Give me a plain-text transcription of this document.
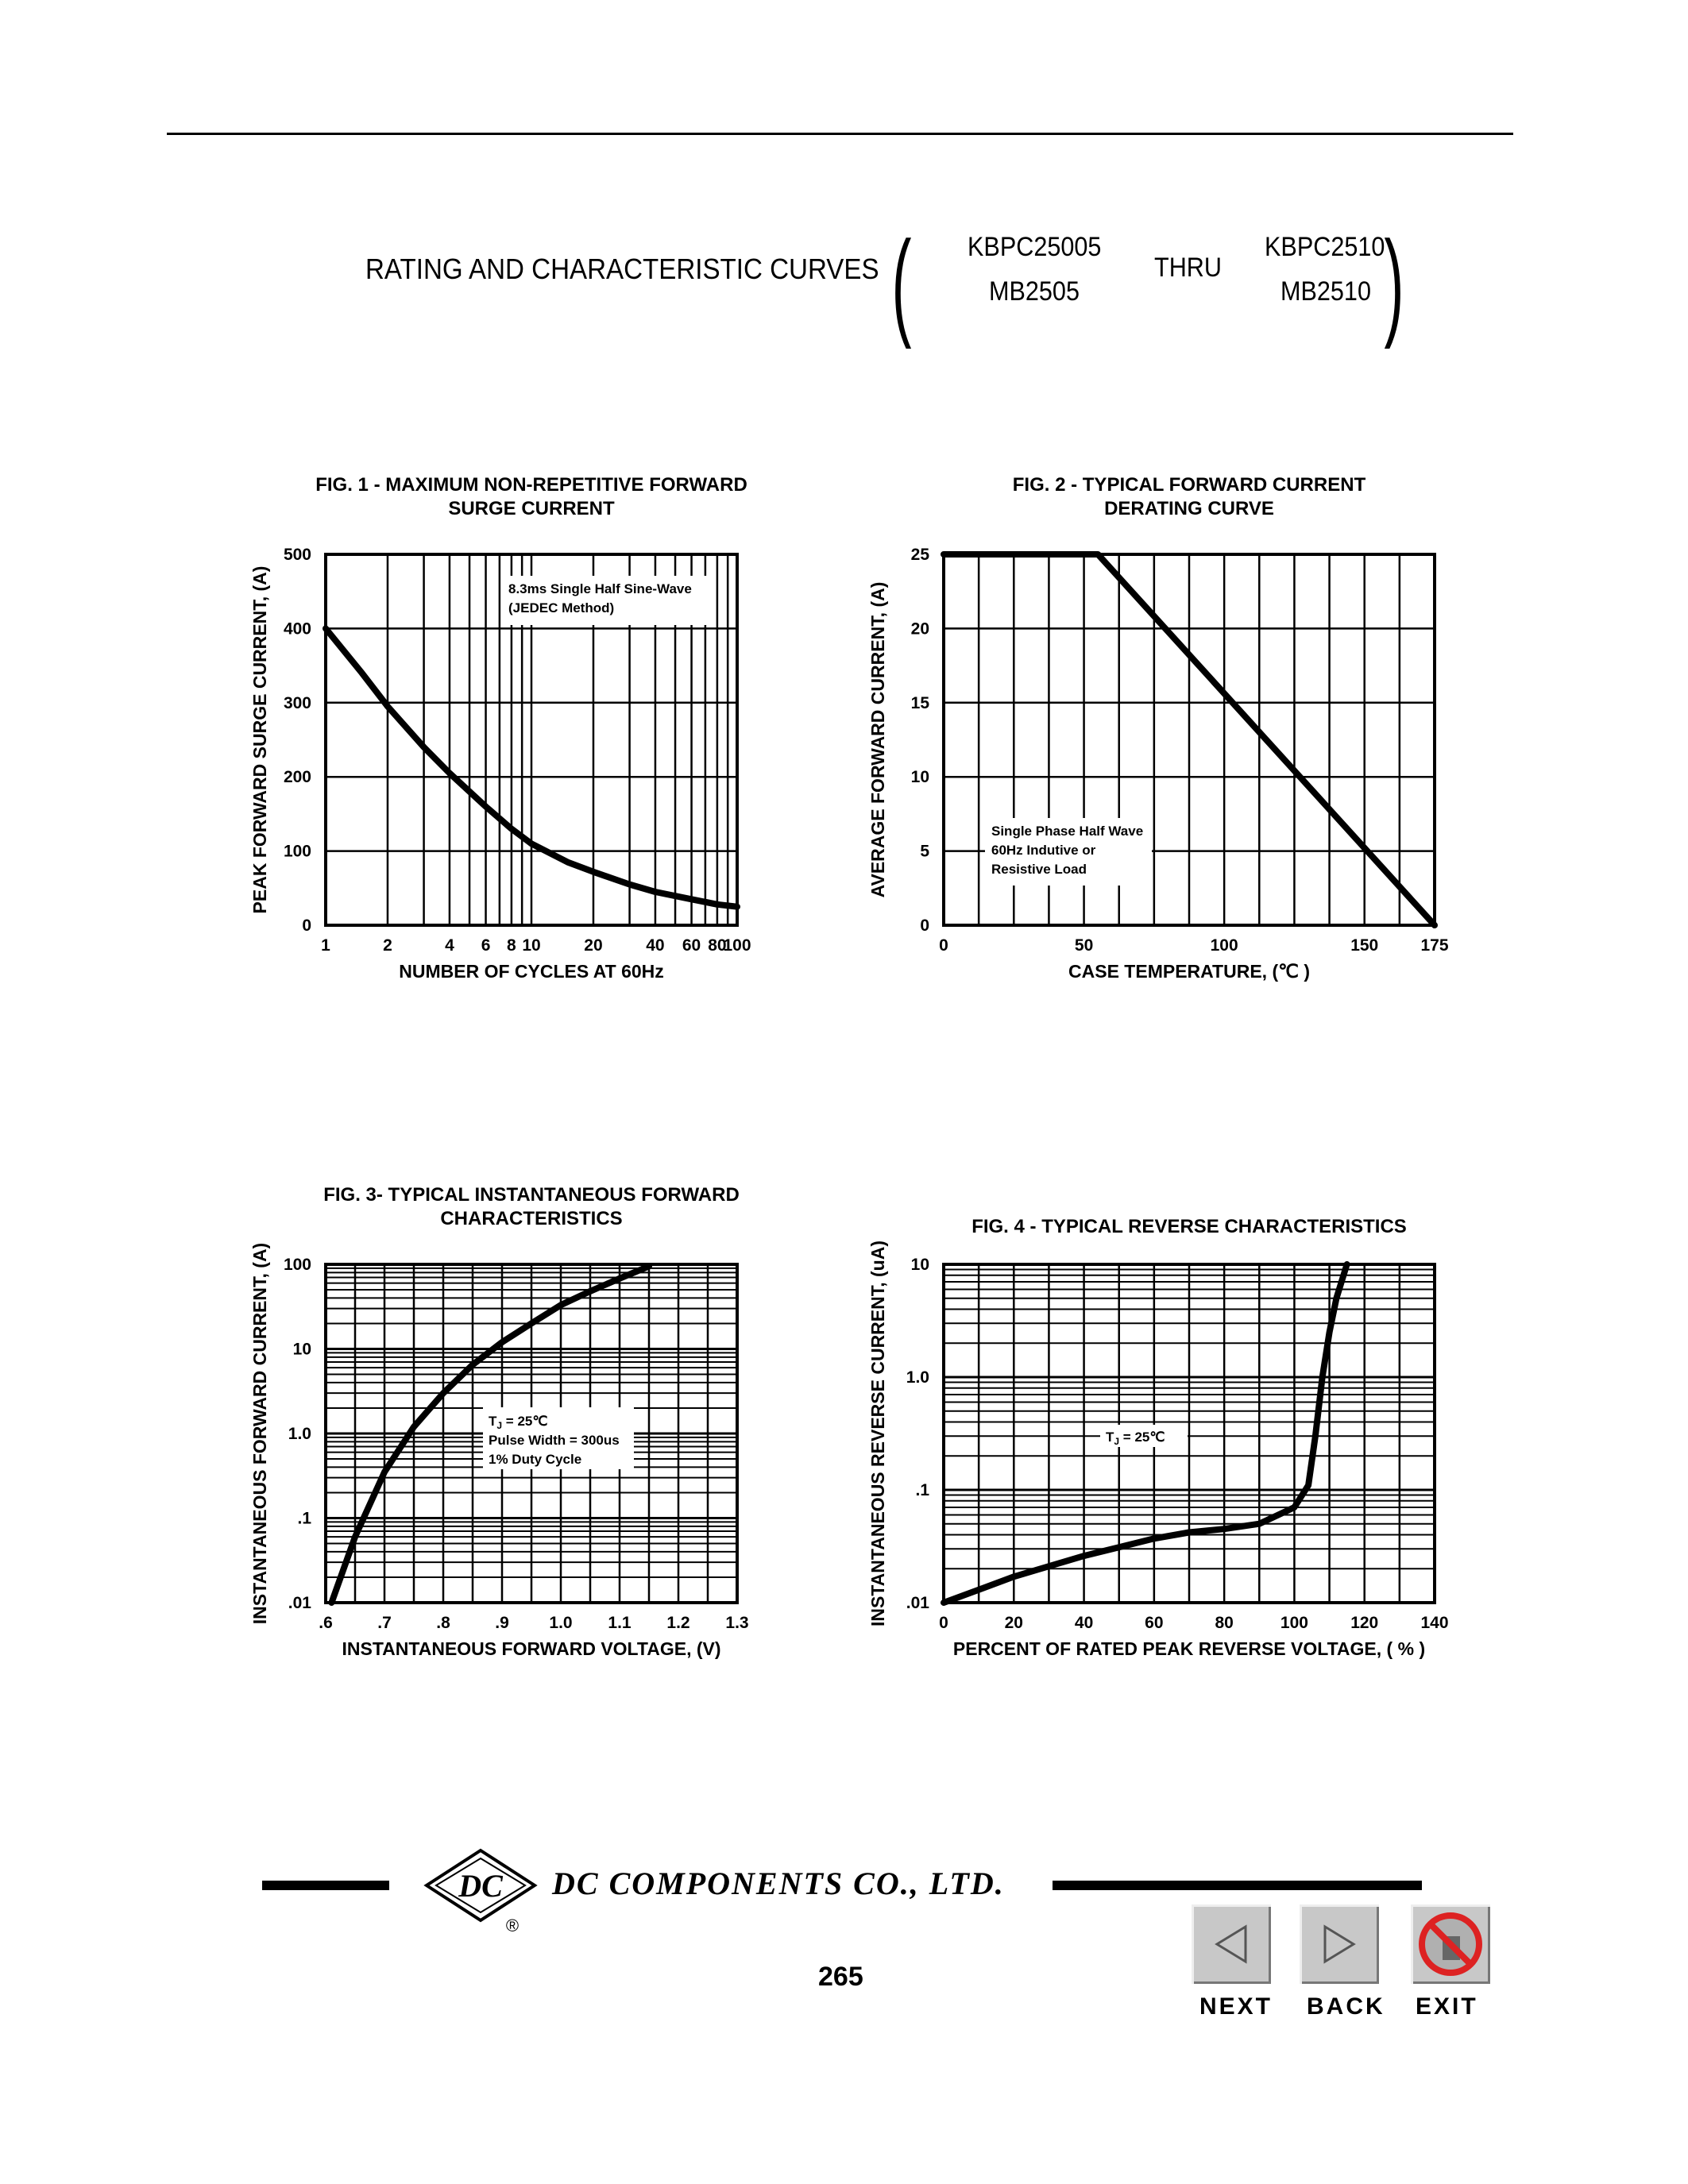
RATING AND CHARACTERISTIC CURVES ( KBPC25005
MB2505
THRU
KBPC2510
MB2510 )
8.3ms Single Half Sine-Wave
(JEDEC Method)
1	2	4 6 8 10	20	40 60 80
100
0
100
200
300
400
500
FIG. 1 - MAXIMUM NON-REPETITIVE FORWARD
SURGE CURRENT
NUMBER OF CYCLES AT 60Hz
PEAK FORWARD SURGE CURRENT, (A)	Single Phase Half Wave
60Hz Indutive or
Resistive Load
0	50	100	150	175
0
5
10
15
20
25
FIG. 2 - TYPICAL FORWARD CURRENT
DERATING CURVE
CASE TEMPERATURE, (℃ )
AVERAGE FORWARD CURRENT, (A)
$T_J$ = 25℃
Pulse Width = 300us
1% Duty Cycle
.6	.7	.8	.9 1.0 1.1 1.2 1.3
.01
.1
1.0
10
100
FIG. 3- TYPICAL INSTANTANEOUS FORWARD
CHARACTERISTICS
INSTANTANEOUS FORWARD VOLTAGE, (V)
INSTANTANEOUS FORWARD CURRENT, (A)	$T_J$ = 25℃
0	20	40	60	80	100	120	140
.01
.1
1.0
10
FIG. 4 - TYPICAL REVERSE CHARACTERISTICS
PERCENT OF RATED PEAK REVERSE VOLTAGE, ( % )
INSTANTANEOUS REVERSE CURRENT, (uA)
DC
®
DC COMPONENTS CO., LTD.
265
NEXT BACK EXIT
